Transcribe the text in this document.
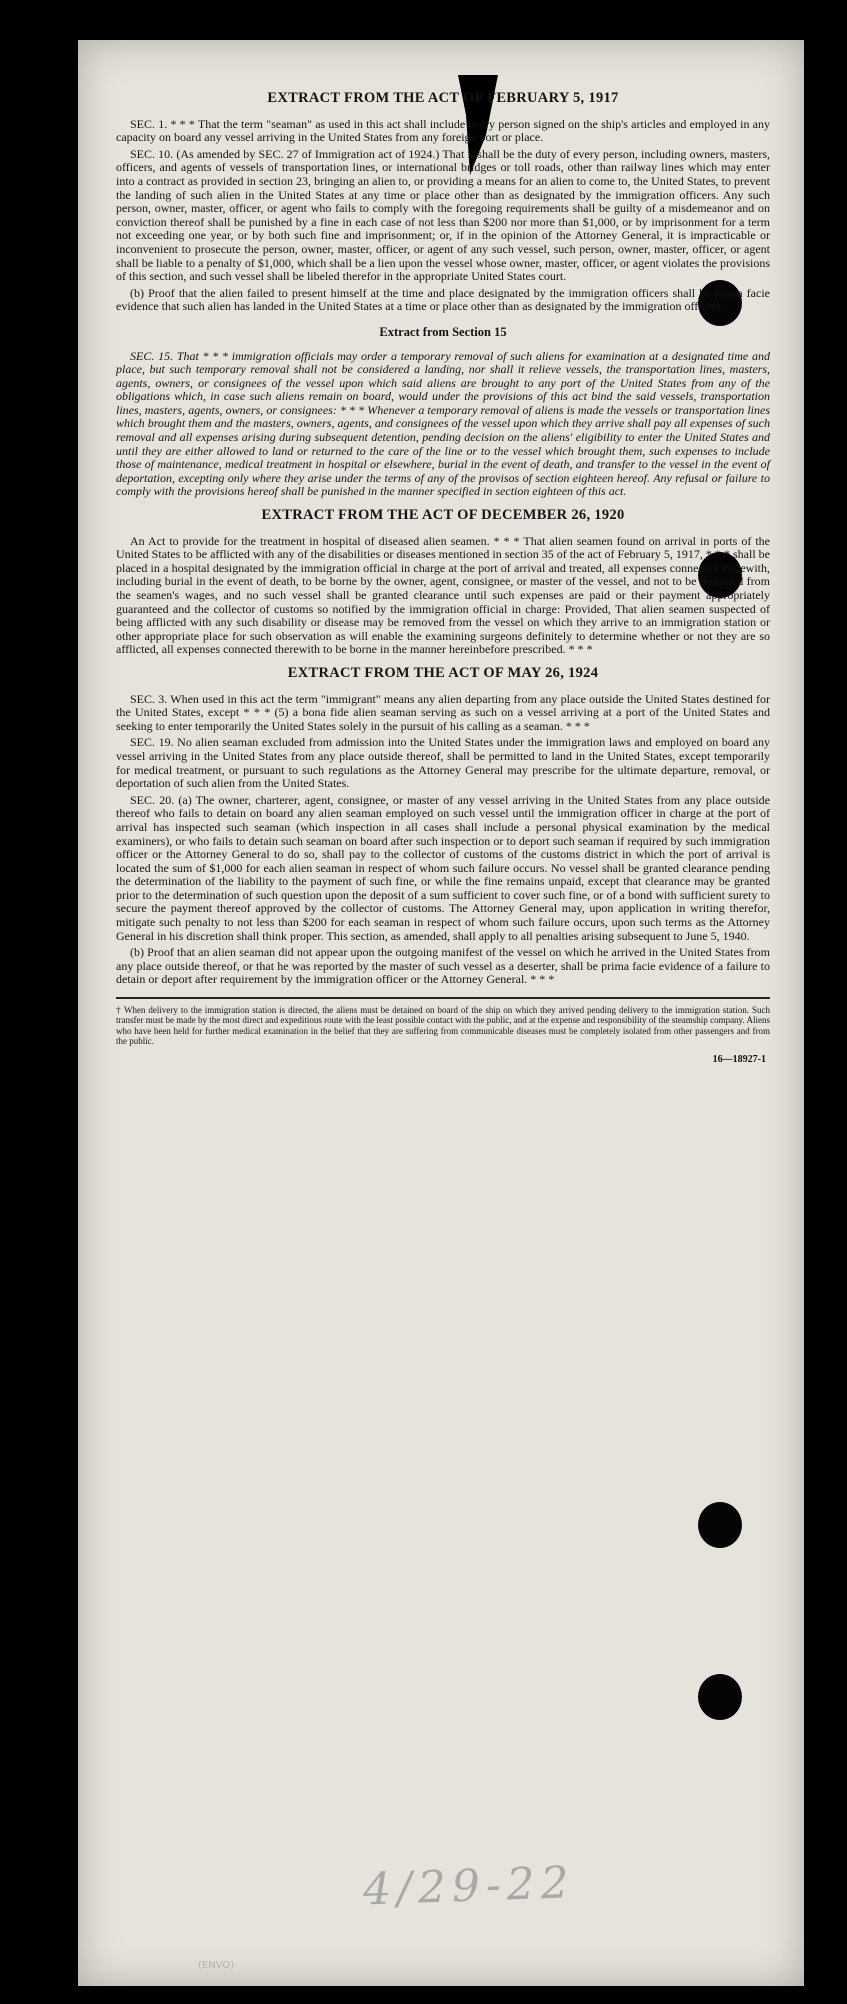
EXTRACT FROM THE ACT OF FEBRUARY 5, 1917

SEC. 1. * * * That the term "seaman" as used in this act shall include every person signed on the ship's articles and employed in any capacity on board any vessel arriving in the United States from any foreign port or place.

SEC. 10. (As amended by SEC. 27 of Immigration act of 1924.) That it shall be the duty of every person, including owners, masters, officers, and agents of vessels of transportation lines, or international bridges or toll roads, other than railway lines which may enter into a contract as provided in section 23, bringing an alien to, or providing a means for an alien to come to, the United States, to prevent the landing of such alien in the United States at any time or place other than as designated by the immigration officers. Any such person, owner, master, officer, or agent who fails to comply with the foregoing requirements shall be guilty of a misdemeanor and on conviction thereof shall be punished by a fine in each case of not less than $200 nor more than $1,000, or by imprisonment for a term not exceeding one year, or by both such fine and imprisonment; or, if in the opinion of the Attorney General, it is impracticable or inconvenient to prosecute the person, owner, master, officer, or agent of any such vessel, such person, owner, master, officer, or agent shall be liable to a penalty of $1,000, which shall be a lien upon the vessel whose owner, master, officer, or agent violates the provisions of this section, and such vessel shall be libeled therefor in the appropriate United States court.

(b) Proof that the alien failed to present himself at the time and place designated by the immigration officers shall be prima facie evidence that such alien has landed in the United States at a time or place other than as designated by the immigration officers.

Extract from Section 15

SEC. 15. That * * * immigration officials may order a temporary removal of such aliens for examination at a designated time and place, but such temporary removal shall not be considered a landing, nor shall it relieve vessels, the transportation lines, masters, agents, owners, or consignees of the vessel upon which said aliens are brought to any port of the United States from any of the obligations which, in case such aliens remain on board, would under the provisions of this act bind the said vessels, transportation lines, masters, agents, owners, or consignees: * * * Whenever a temporary removal of aliens is made the vessels or transportation lines which brought them and the masters, owners, agents, and consignees of the vessel upon which they arrive shall pay all expenses of such removal and all expenses arising during subsequent detention, pending decision on the aliens' eligibility to enter the United States and until they are either allowed to land or returned to the care of the line or to the vessel which brought them, such expenses to include those of maintenance, medical treatment in hospital or elsewhere, burial in the event of death, and transfer to the vessel in the event of deportation, excepting only where they arise under the terms of any of the provisos of section eighteen hereof. Any refusal or failure to comply with the provisions hereof shall be punished in the manner specified in section eighteen of this act.

EXTRACT FROM THE ACT OF DECEMBER 26, 1920

An Act to provide for the treatment in hospital of diseased alien seamen. * * * That alien seamen found on arrival in ports of the United States to be afflicted with any of the disabilities or diseases mentioned in section 35 of the act of February 5, 1917, * * * shall be placed in a hospital designated by the immigration official in charge at the port of arrival and treated, all expenses connected therewith, including burial in the event of death, to be borne by the owner, agent, consignee, or master of the vessel, and not to be deducted from the seamen's wages, and no such vessel shall be granted clearance until such expenses are paid or their payment appropriately guaranteed and the collector of customs so notified by the immigration official in charge: Provided, That alien seamen suspected of being afflicted with any such disability or disease may be removed from the vessel on which they arrive to an immigration station or other appropriate place for such observation as will enable the examining surgeons definitely to determine whether or not they are so afflicted, all expenses connected therewith to be borne in the manner hereinbefore prescribed. * * *

EXTRACT FROM THE ACT OF MAY 26, 1924

SEC. 3. When used in this act the term "immigrant" means any alien departing from any place outside the United States destined for the United States, except * * * (5) a bona fide alien seaman serving as such on a vessel arriving at a port of the United States and seeking to enter temporarily the United States solely in the pursuit of his calling as a seaman. * * *

SEC. 19. No alien seaman excluded from admission into the United States under the immigration laws and employed on board any vessel arriving in the United States from any place outside thereof, shall be permitted to land in the United States, except temporarily for medical treatment, or pursuant to such regulations as the Attorney General may prescribe for the ultimate departure, removal, or deportation of such alien from the United States.

SEC. 20. (a) The owner, charterer, agent, consignee, or master of any vessel arriving in the United States from any place outside thereof who fails to detain on board any alien seaman employed on such vessel until the immigration officer in charge at the port of arrival has inspected such seaman (which inspection in all cases shall include a personal physical examination by the medical examiners), or who fails to detain such seaman on board after such inspection or to deport such seaman if required by such immigration officer or the Attorney General to do so, shall pay to the collector of customs of the customs district in which the port of arrival is located the sum of $1,000 for each alien seaman in respect of whom such failure occurs. No vessel shall be granted clearance pending the determination of the liability to the payment of such fine, or while the fine remains unpaid, except that clearance may be granted prior to the determination of such question upon the deposit of a sum sufficient to cover such fine, or of a bond with sufficient surety to secure the payment thereof approved by the collector of customs. The Attorney General may, upon application in writing therefor, mitigate such penalty to not less than $200 for each seaman in respect of whom such failure occurs, upon such terms as the Attorney General in his discretion shall think proper. This section, as amended, shall apply to all penalties arising subsequent to June 5, 1940.

(b) Proof that an alien seaman did not appear upon the outgoing manifest of the vessel on which he arrived in the United States from any place outside thereof, or that he was reported by the master of such vessel as a deserter, shall be prima facie evidence of a failure to detain or deport after requirement by the immigration officer or the Attorney General. * * *

† When delivery to the immigration station is directed, the aliens must be detained on board of the ship on which they arrived pending delivery to the immigration station. Such transfer must be made by the most direct and expeditious route with the least possible contact with the public, and at the expense and responsibility of the steamship company. Aliens who have been held for further medical examination in the belief that they are suffering from communicable diseases must be completely isolated from other passengers and from the public.
16—18927-1
4/29-22
(ENVO)
